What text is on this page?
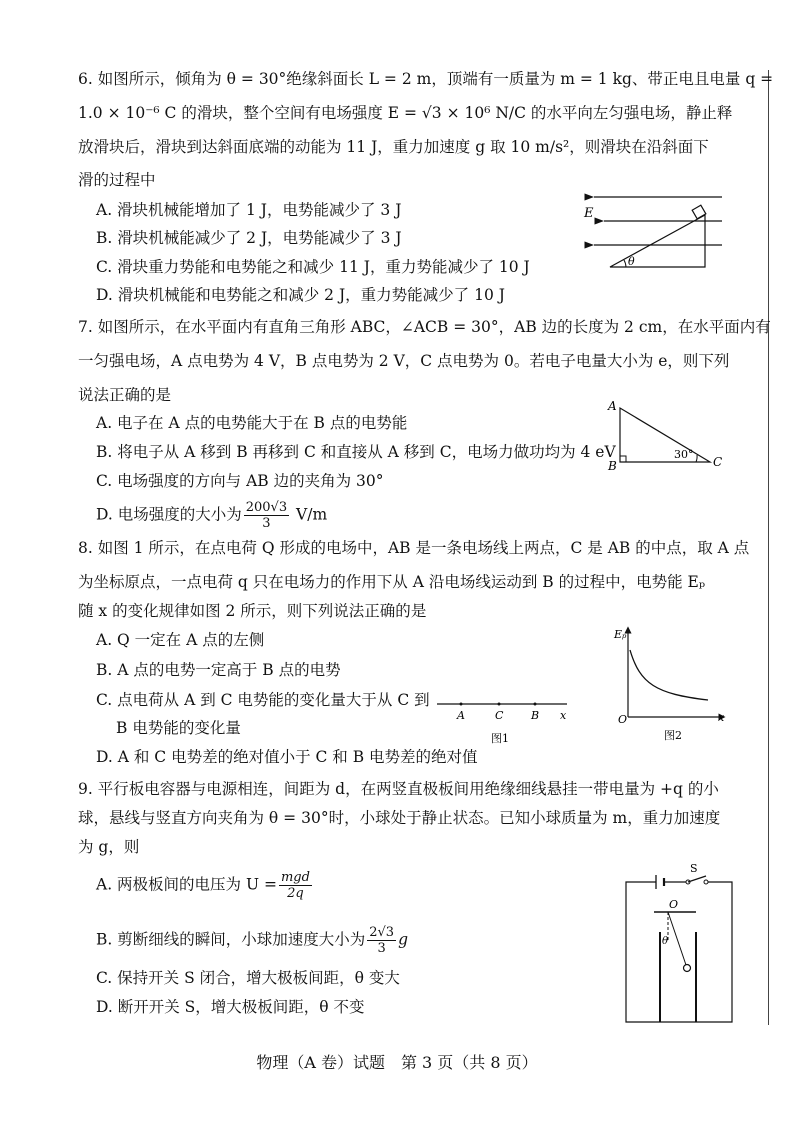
6. 如图所示，倾角为 θ = 30°绝缘斜面长 L = 2 m，顶端有一质量为 m = 1 kg、带正电且电量 q =
1.0 × 10⁻⁶ C 的滑块，整个空间有电场强度 E = √3 × 10⁶ N/C 的水平向左匀强电场，静止释
放滑块后，滑块到达斜面底端的动能为 11 J，重力加速度 g 取 10 m/s²，则滑块在沿斜面下
滑的过程中
A. 滑块机械能增加了 1 J，电势能减少了 3 J
B. 滑块机械能减少了 2 J，电势能减少了 3 J
C. 滑块重力势能和电势能之和减少 11 J，重力势能减少了 10 J
D. 滑块机械能和电势能之和减少 2 J，重力势能减少了 10 J
E
θ
7. 如图所示，在水平面内有直角三角形 ABC，∠ACB = 30°，AB 边的长度为 2 cm，在水平面内有
一匀强电场，A 点电势为 4 V，B 点电势为 2 V，C 点电势为 0。若电子电量大小为 e，则下列
说法正确的是
A. 电子在 A 点的电势能大于在 B 点的电势能
B. 将电子从 A 移到 B 再移到 C 和直接从 A 移到 C，电场力做功均为 4 eV
C. 电场强度的方向与 AB 边的夹角为 30°
D. 电场强度的大小为 $\frac{200√3}{3} V/m$
A
B	C
30°
8. 如图 1 所示，在点电荷 Q 形成的电场中，AB 是一条电场线上两点，C 是 AB 的中点，取 A 点
为坐标原点，一点电荷 q 只在电场力的作用下从 A 沿电场线运动到 B 的过程中，电势能 Eₚ
随 x 的变化规律如图 2 所示，则下列说法正确的是
A. Q 一定在 A 点的左侧
B. A 点的电势一定高于 B 点的电势
C. 点电荷从 A 到 C 电势能的变化量大于从 C 到
B 电势能的变化量
D. A 和 C 电势差的绝对值小于 C 和 B 电势差的绝对值
A	C	B x
图1
Eₚ
O	x
图2
9. 平行板电容器与电源相连，间距为 d，在两竖直极板间用绝缘细线悬挂一带电量为 +q 的小
球，悬线与竖直方向夹角为 θ = 30°时，小球处于静止状态。已知小球质量为 m，重力加速度
为 g，则
A. 两极板间的电压为 $U = \frac{\text{mgd}}{2q}$
B. 剪断细线的瞬间，小球加速度大小为 $\frac{2√3}{3}$ g
C. 保持开关 S 闭合，增大极板间距，θ 变大
D. 断开开关 S，增大极板间距，θ 不变
S
O
θ
物理（A 卷）试题　第 3 页（共 8 页）
